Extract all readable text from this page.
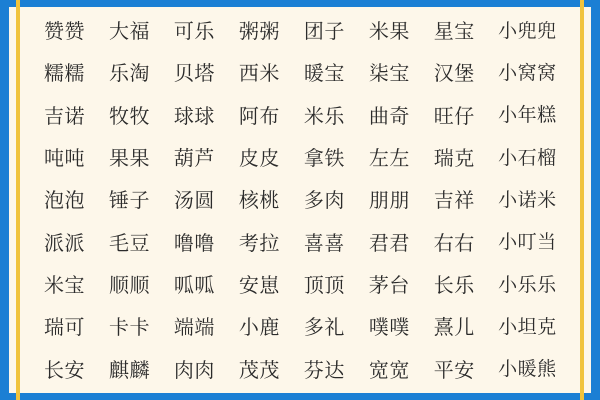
赞赞	大福	可乐	粥粥	团子	米果	星宝	小兜兜
糯糯	乐淘	贝塔	西米	暖宝	柒宝	汉堡	小窝窝
吉诺	牧牧	球球	阿布	米乐	曲奇	旺仔	小年糕
吨吨	果果	葫芦	皮皮	拿铁	左左	瑞克	小石榴
泡泡	锤子	汤圆	核桃	多肉	朋朋	吉祥	小诺米
派派	毛豆	噜噜	考拉	喜喜	君君	右右	小叮当
米宝	顺顺	呱呱	安崽	顶顶	茅台	长乐	小乐乐
瑞可	卡卡	端端	小鹿	多礼	噗噗	熹儿	小坦克
长安	麒麟	肉肉	茂茂	芬达	宽宽	平安	小暖熊
